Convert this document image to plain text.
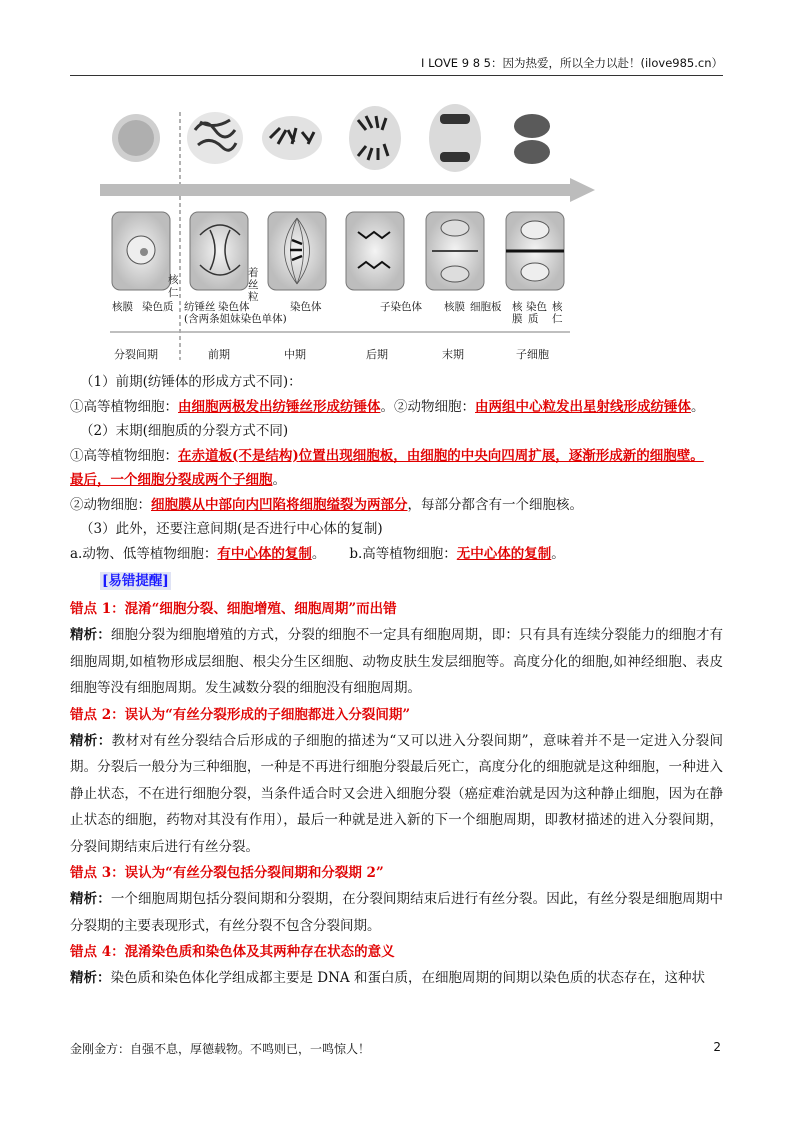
I LOVE 9 8 5：因为热爱，所以全力以赴！(ilove985.cn）
核膜 染色质
核
仁
纺锤丝 染色体
(含两条姐妹染色单体)
着
丝
粒
染色体	子染色体 核膜 细胞板 核
膜
染色
质
核
仁
分裂间期	前期	中期	后期	末期	子细胞
（1）前期(纺锤体的形成方式不同)：
①高等植物细胞：由细胞两极发出纺锤丝形成纺锤体。②动物细胞：由两组中心粒发出星射线形成纺锤体。
（2）末期(细胞质的分裂方式不同)
①高等植物细胞：在赤道板(不是结构)位置出现细胞板，由细胞的中央向四周扩展，逐渐形成新的细胞壁。
最后，一个细胞分裂成两个子细胞。
②动物细胞：细胞膜从中部向内凹陷将细胞缢裂为两部分，每部分都含有一个细胞核。
（3）此外，还要注意间期(是否进行中心体的复制)
a.动物、低等植物细胞：有中心体的复制。 b.高等植物细胞：无中心体的复制。
[易错提醒]
错点 1：混淆“细胞分裂、细胞增殖、细胞周期”而出错
精析：细胞分裂为细胞增殖的方式，分裂的细胞不一定具有细胞周期，即：只有具有连续分裂能力的细胞才有细胞周期,如植物形成层细胞、根尖分生区细胞、动物皮肤生发层细胞等。高度分化的细胞,如神经细胞、表皮细胞等没有细胞周期。发生减数分裂的细胞没有细胞周期。
错点 2：误认为“有丝分裂形成的子细胞都进入分裂间期”
精析：教材对有丝分裂结合后形成的子细胞的描述为“又可以进入分裂间期”，意味着并不是一定进入分裂间期。分裂后一般分为三种细胞，一种是不再进行细胞分裂最后死亡，高度分化的细胞就是这种细胞，一种进入静止状态，不在进行细胞分裂，当条件适合时又会进入细胞分裂（癌症难治就是因为这种静止细胞，因为在静止状态的细胞，药物对其没有作用），最后一种就是进入新的下一个细胞周期，即教材描述的进入分裂间期，分裂间期结束后进行有丝分裂。
错点 3：误认为“有丝分裂包括分裂间期和分裂期 2”
精析：一个细胞周期包括分裂间期和分裂期，在分裂间期结束后进行有丝分裂。因此，有丝分裂是细胞周期中分裂期的主要表现形式，有丝分裂不包含分裂间期。
错点 4：混淆染色质和染色体及其两种存在状态的意义
精析：染色质和染色体化学组成都主要是 DNA 和蛋白质，在细胞周期的间期以染色质的状态存在，这种状
金刚金方：自强不息，厚德载物。不鸣则已，一鸣惊人！	2
